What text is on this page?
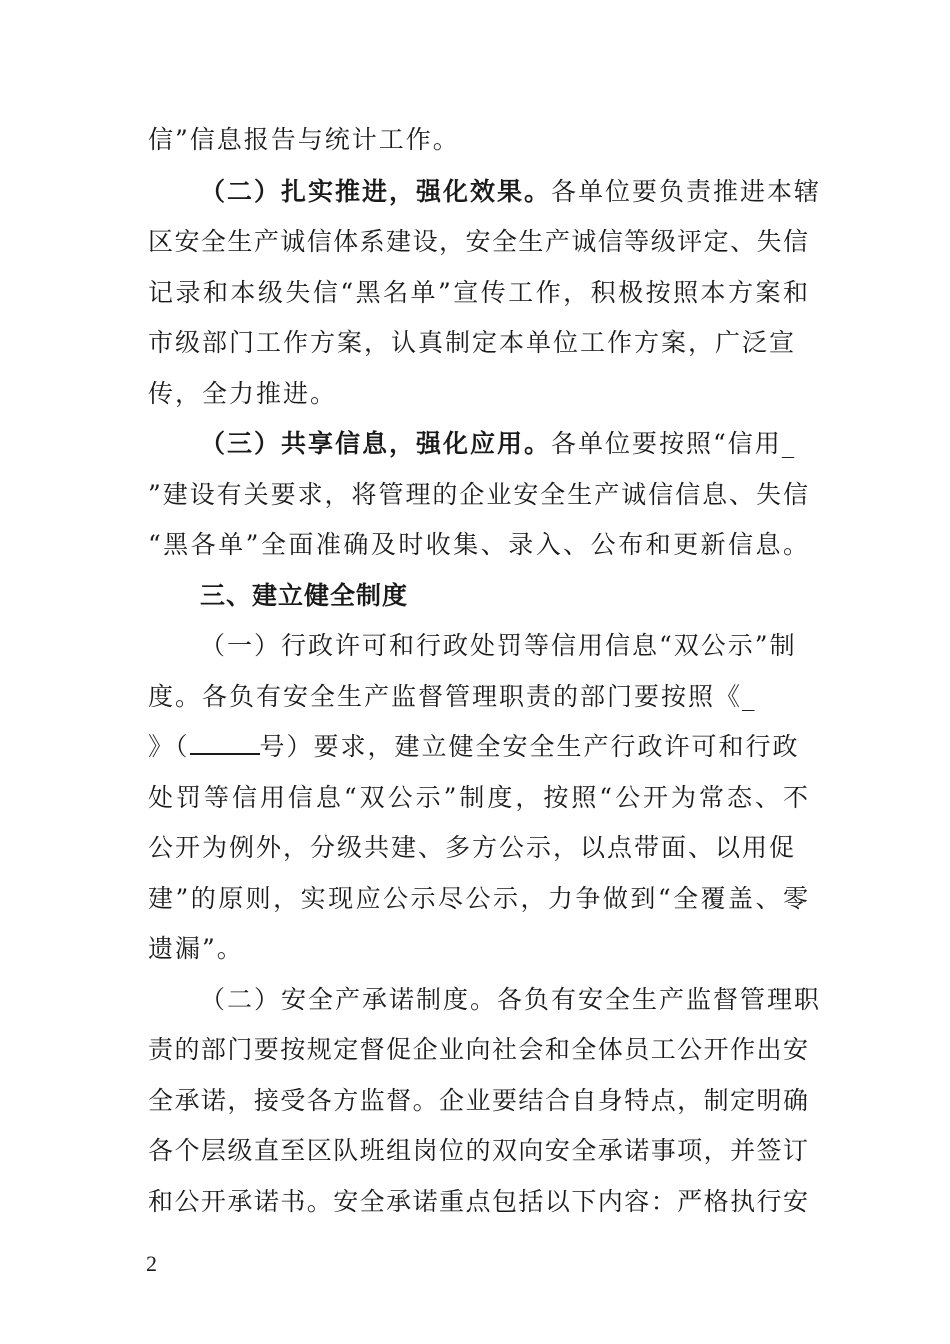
信”信息报告与统计工作。
（二）扎实推进，强化效果。各单位要负责推进本辖
区安全生产诚信体系建设，安全生产诚信等级评定、失信
记录和本级失信“黑名单”宣传工作，积极按照本方案和
市级部门工作方案，认真制定本单位工作方案，广泛宣
传，全力推进。
（三）共享信息，强化应用。各单位要按照“信用_
”建设有关要求，将管理的企业安全生产诚信信息、失信
“黑各单”全面准确及时收集、录入、公布和更新信息。
三、建立健全制度
（一）行政许可和行政处罚等信用信息“双公示”制
度。各负有安全生产监督管理职责的部门要按照《_
》（	号）要求，建立健全安全生产行政许可和行政
处罚等信用信息“双公示”制度，按照“公开为常态、不
公开为例外，分级共建、多方公示，以点带面、以用促
建”的原则，实现应公示尽公示，力争做到“全覆盖、零
遗漏”。
（二）安全产承诺制度。各负有安全生产监督管理职
责的部门要按规定督促企业向社会和全体员工公开作出安
全承诺，接受各方监督。企业要结合自身特点，制定明确
各个层级直至区队班组岗位的双向安全承诺事项，并签订
和公开承诺书。安全承诺重点包括以下内容：严格执行安
2
